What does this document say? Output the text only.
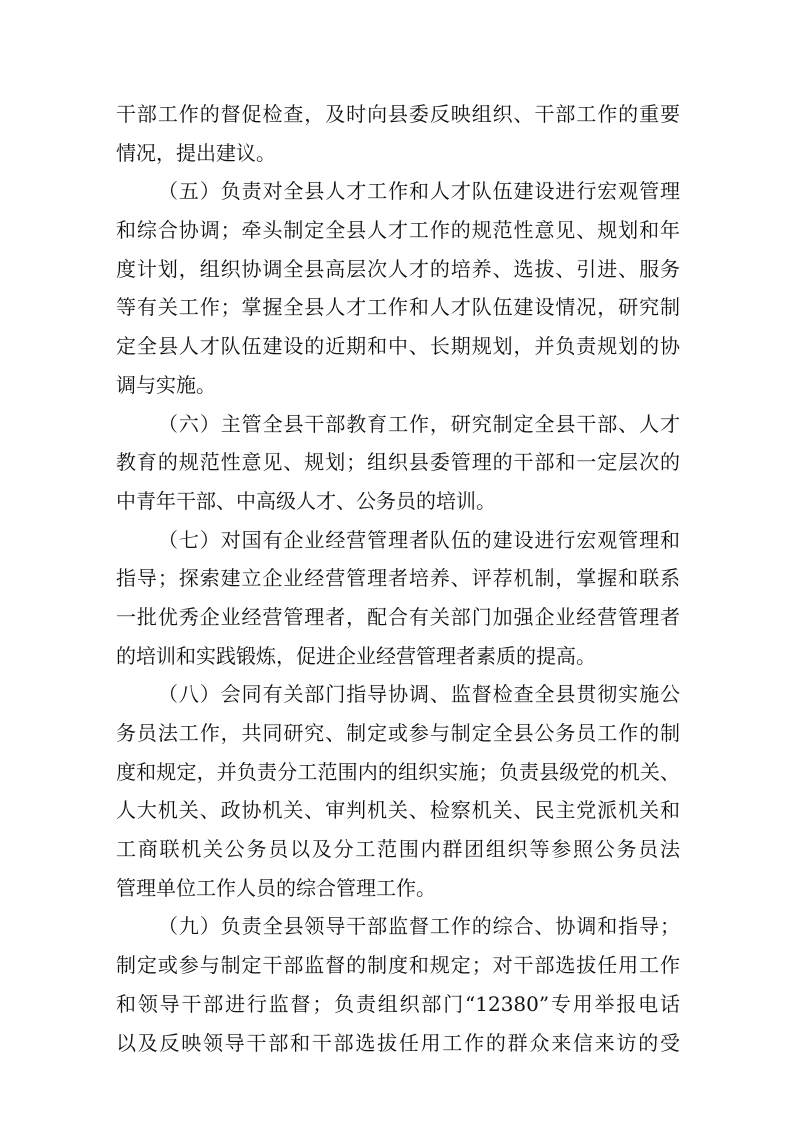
干部工作的督促检查，及时向县委反映组织、干部工作的重要
情况，提出建议。
（五）负责对全县人才工作和人才队伍建设进行宏观管理
和综合协调；牵头制定全县人才工作的规范性意见、规划和年
度计划，组织协调全县高层次人才的培养、选拔、引进、服务
等有关工作；掌握全县人才工作和人才队伍建设情况，研究制
定全县人才队伍建设的近期和中、长期规划，并负责规划的协
调与实施。
（六）主管全县干部教育工作，研究制定全县干部、人才
教育的规范性意见、规划；组织县委管理的干部和一定层次的
中青年干部、中高级人才、公务员的培训。
（七）对国有企业经营管理者队伍的建设进行宏观管理和
指导；探索建立企业经营管理者培养、评荐机制，掌握和联系
一批优秀企业经营管理者，配合有关部门加强企业经营管理者
的培训和实践锻炼，促进企业经营管理者素质的提高。
（八）会同有关部门指导协调、监督检查全县贯彻实施公
务员法工作，共同研究、制定或参与制定全县公务员工作的制
度和规定，并负责分工范围内的组织实施；负责县级党的机关、
人大机关、政协机关、审判机关、检察机关、民主党派机关和
工商联机关公务员以及分工范围内群团组织等参照公务员法
管理单位工作人员的综合管理工作。
（九）负责全县领导干部监督工作的综合、协调和指导；
制定或参与制定干部监督的制度和规定；对干部选拔任用工作
和领导干部进行监督；负责组织部门“12380”专用举报电话
以及反映领导干部和干部选拔任用工作的群众来信来访的受
